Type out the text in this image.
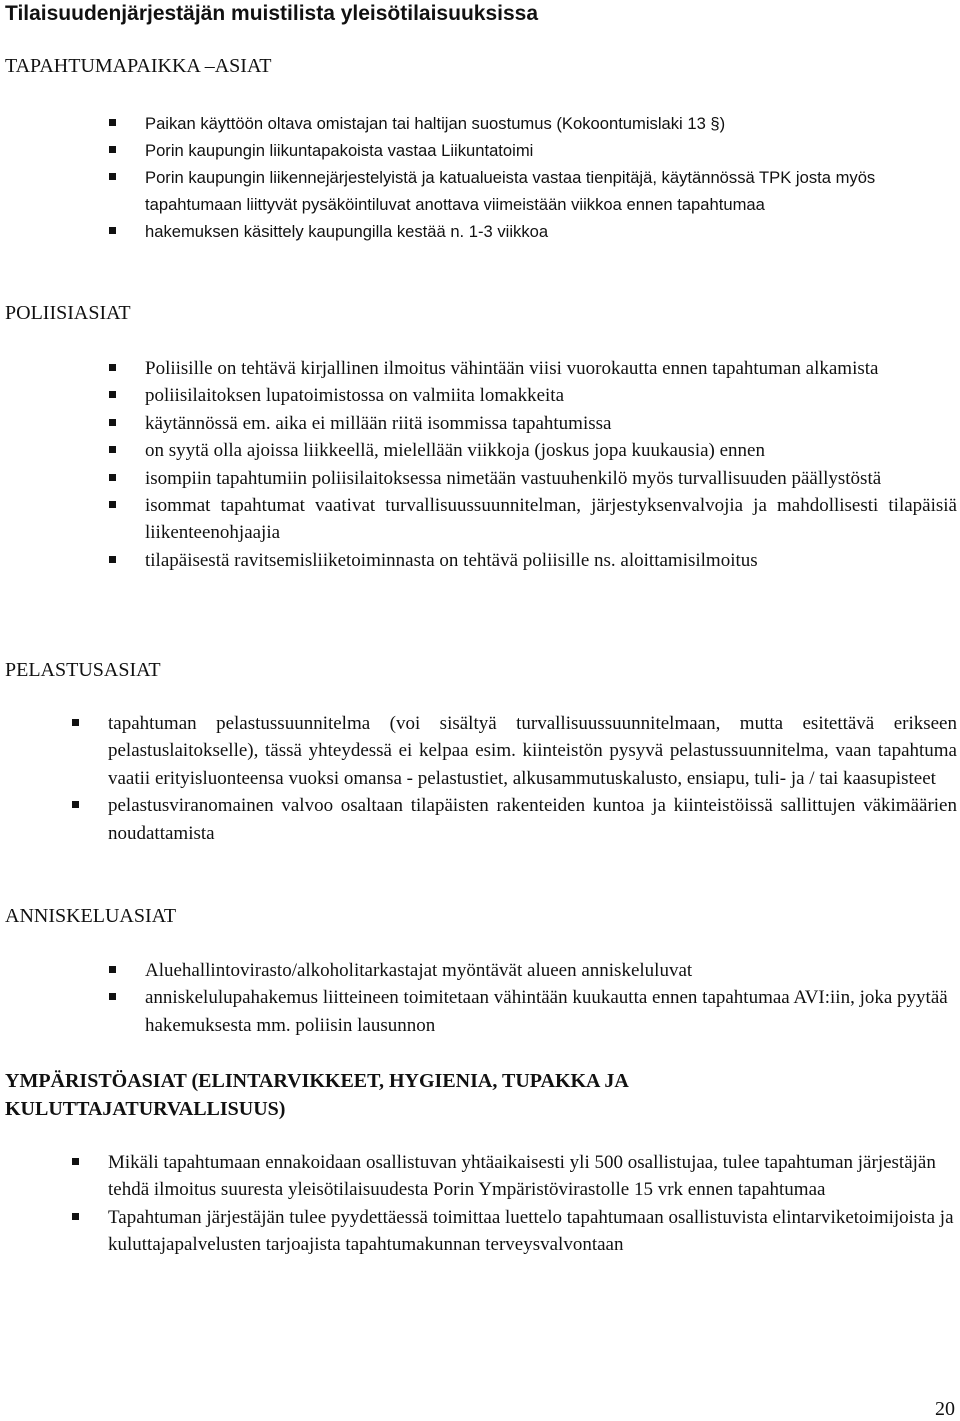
Tilaisuudenjärjestäjän muistilista yleisötilaisuuksissa
TAPAHTUMAPAIKKA –ASIAT
Paikan käyttöön oltava omistajan tai haltijan suostumus (Kokoontumislaki 13 §)
Porin kaupungin liikuntapakoista vastaa Liikuntatoimi
Porin kaupungin liikennejärjestelyistä ja katualueista vastaa tienpitäjä, käytännössä TPK josta myös tapahtumaan liittyvät pysäköintiluvat anottava viimeistään viikkoa ennen tapahtumaa
hakemuksen käsittely kaupungilla kestää n. 1-3 viikkoa
POLIISIASIAT
Poliisille on tehtävä kirjallinen ilmoitus vähintään viisi vuorokautta ennen tapahtuman alkamista
poliisilaitoksen lupatoimistossa on valmiita lomakkeita
käytännössä em. aika ei millään riitä isommissa tapahtumissa
on syytä olla ajoissa liikkeellä, mielellään viikkoja (joskus jopa kuukausia) ennen
isompiin tapahtumiin poliisilaitoksessa nimetään vastuuhenkilö myös turvallisuuden päällystöstä
isommat tapahtumat vaativat turvallisuussuunnitelman, järjestyksenvalvojia ja mahdollisesti tilapäisiä liikenteenohjaajia
tilapäisestä ravitsemisliiketoiminnasta on tehtävä poliisille ns. aloittamisilmoitus
PELASTUSASIAT
tapahtuman pelastussuunnitelma (voi sisältyä turvallisuussuunnitelmaan, mutta esitettävä erikseen pelastuslaitokselle), tässä yhteydessä ei kelpaa esim. kiinteistön pysyvä pelastussuunnitelma, vaan tapahtuma vaatii erityisluonteensa vuoksi omansa - pelastustiet, alkusammutuskalusto, ensiapu, tuli- ja / tai kaasupisteet
pelastusviranomainen valvoo osaltaan tilapäisten rakenteiden kuntoa ja kiinteistöissä sallittujen väkimäärien noudattamista
ANNISKELUASIAT
Aluehallintovirasto/alkoholitarkastajat myöntävät alueen anniskeluluvat
anniskelulupahakemus liitteineen toimitetaan vähintään kuukautta ennen tapahtumaa AVI:iin, joka pyytää hakemuksesta mm. poliisin lausunnon
YMPÄRISTÖASIAT (ELINTARVIKKEET, HYGIENIA, TUPAKKA JA KULUTTAJATURVALLISUUS)
Mikäli tapahtumaan ennakoidaan osallistuvan yhtäaikaisesti yli 500 osallistujaa, tulee tapahtuman järjestäjän tehdä ilmoitus suuresta yleisötilaisuudesta Porin Ympäristövirastolle 15 vrk ennen tapahtumaa
Tapahtuman järjestäjän tulee pyydettäessä toimittaa luettelo tapahtumaan osallistuvista elintarviketoimijoista ja kuluttajapalvelusten tarjoajista tapahtumakunnan terveysvalvontaan
20
